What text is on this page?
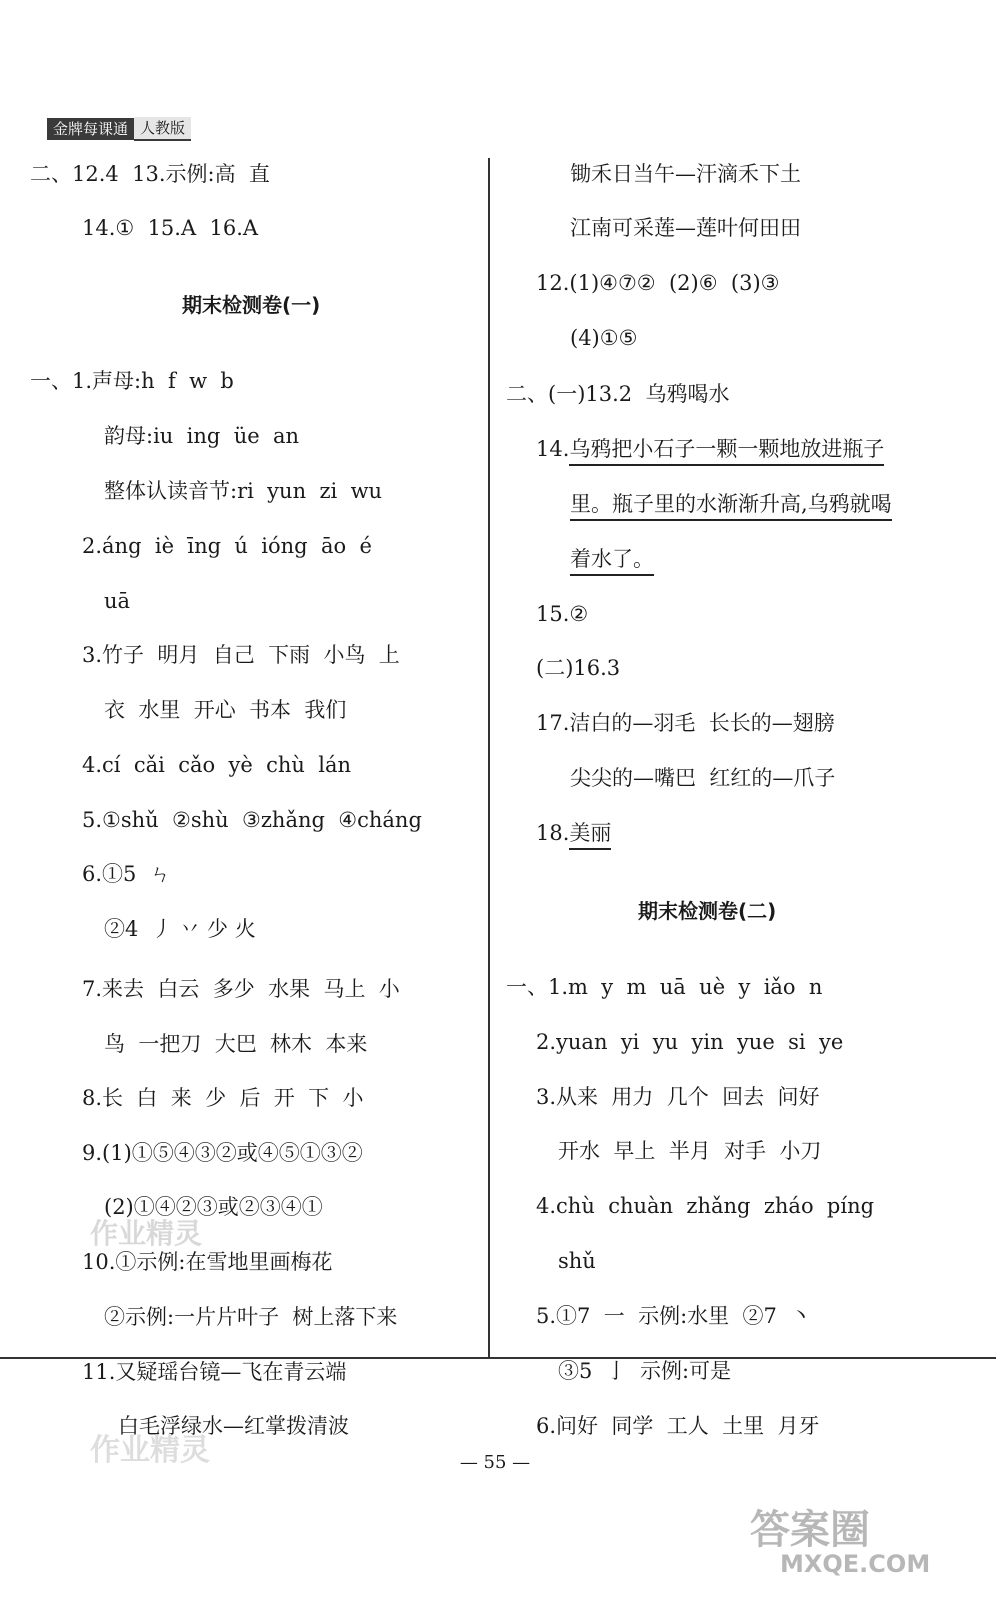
金牌每课通 人教版
二、12.4  13.示例:高  直
14.①  15.A  16.A
期末检测卷(一)
一、1.声母:h  f  w  b
韵母:iu  ing  üe  an
整体认读音节:ri  yun  zi  wu
2.áng  iè  īng  ú  ióng  āo  é
uā
3.竹子  明月  自己  下雨  小鸟  上
衣  水里  开心  书本  我们
4.cí  cǎi  cǎo  yè  chù  lán
5.①shǔ  ②shù  ③zhǎng  ④cháng
6.①5  ㄣ
②4  丿 丷 少 火
7.来去  白云  多少  水果  马上  小
鸟  一把刀  大巴  林木  本来
8.长  白  来  少  后  开  下  小
9.(1)①⑤④③②或④⑤①③②
(2)①④②③或②③④①
10.①示例:在雪地里画梅花
②示例:一片片叶子  树上落下来
11.又疑瑶台镜—飞在青云端
白毛浮绿水—红掌拨清波
锄禾日当午—汗滴禾下土
江南可采莲—莲叶何田田
12.(1)④⑦②  (2)⑥  (3)③
(4)①⑤
二、(一)13.2  乌鸦喝水
14.乌鸦把小石子一颗一颗地放进瓶子
里。瓶子里的水渐渐升高,乌鸦就喝
着水了。
15.②
(二)16.3
17.洁白的—羽毛  长长的—翅膀
尖尖的—嘴巴  红红的—爪子
18.美丽
期末检测卷(二)
一、1.m  y  m  uā  uè  y  iǎo  n
2.yuan  yi  yu  yin  yue  si  ye
3.从来  用力  几个  回去  问好
开水  早上  半月  对手  小刀
4.chù  chuàn  zhǎng  zháo  píng
shǔ
5.①7  一  示例:水里  ②7  丶
③5  亅  示例:可是
6.问好  同学  工人  土里  月牙
— 55 —
作业精灵
作业精灵
答案圈
MXQE.COM
